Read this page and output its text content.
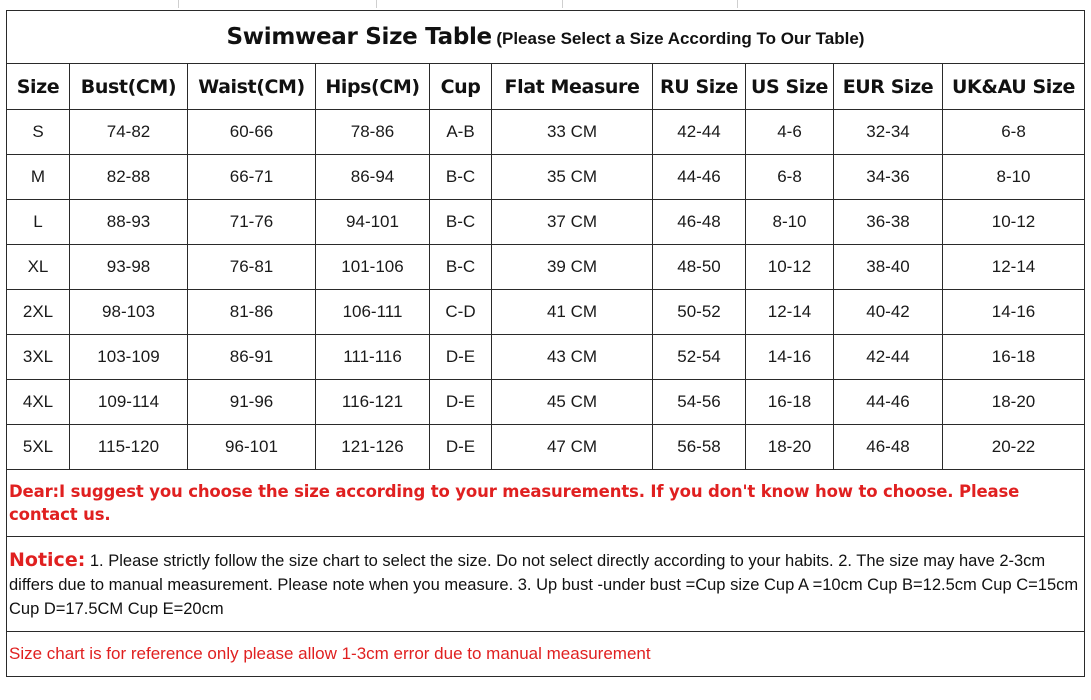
Swimwear Size Table (Please Select a Size According To Our Table)									
Size	Bust(CM)	Waist(CM)	Hips(CM)	Cup	Flat Measure	RU Size	US Size	EUR Size	UK&AU Size
S	74-82	60-66	78-86	A-B	33 CM	42-44	4-6	32-34	6-8
M	82-88	66-71	86-94	B-C	35 CM	44-46	6-8	34-36	8-10
L	88-93	71-76	94-101	B-C	37 CM	46-48	8-10	36-38	10-12
XL	93-98	76-81	101-106	B-C	39 CM	48-50	10-12	38-40	12-14
2XL	98-103	81-86	106-111	C-D	41 CM	50-52	12-14	40-42	14-16
3XL	103-109	86-91	111-116	D-E	43 CM	52-54	14-16	42-44	16-18
4XL	109-114	91-96	116-121	D-E	45 CM	54-56	16-18	44-46	18-20
5XL	115-120	96-101	121-126	D-E	47 CM	56-58	18-20	46-48	20-22
Dear:I suggest you choose the size according to your measurements. If you don't know how to choose. Please contact us.									
Notice: 1. Please strictly follow the size chart to select the size. Do not select directly according to your habits. 2. The size may have 2-3cm differs due to manual measurement. Please note when you measure. 3. Up bust -under bust =Cup size Cup A =10cm Cup B=12.5cm Cup C=15cm Cup D=17.5CM Cup E=20cm									
Size chart is for reference only please allow 1-3cm error due to manual measurement									
